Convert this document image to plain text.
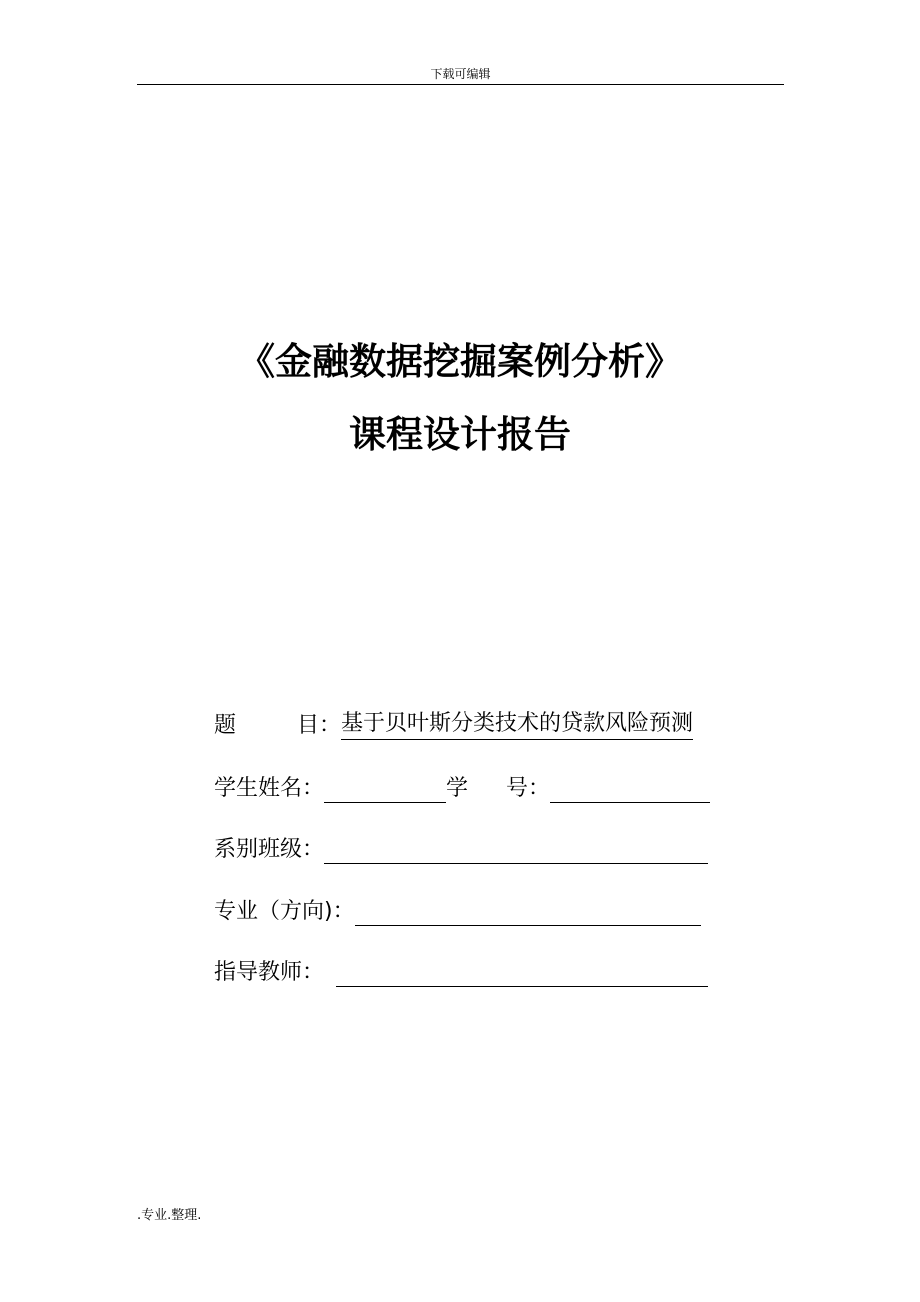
下载可编辑
《金融数据挖掘案例分析》
课程设计报告
题目 ： 基于贝叶斯分类技术的贷款风险预测
学生姓名 ：	学号 ：
系别班级 ：
专业（方向) ：
指导教师 ：
.专业.整理.
